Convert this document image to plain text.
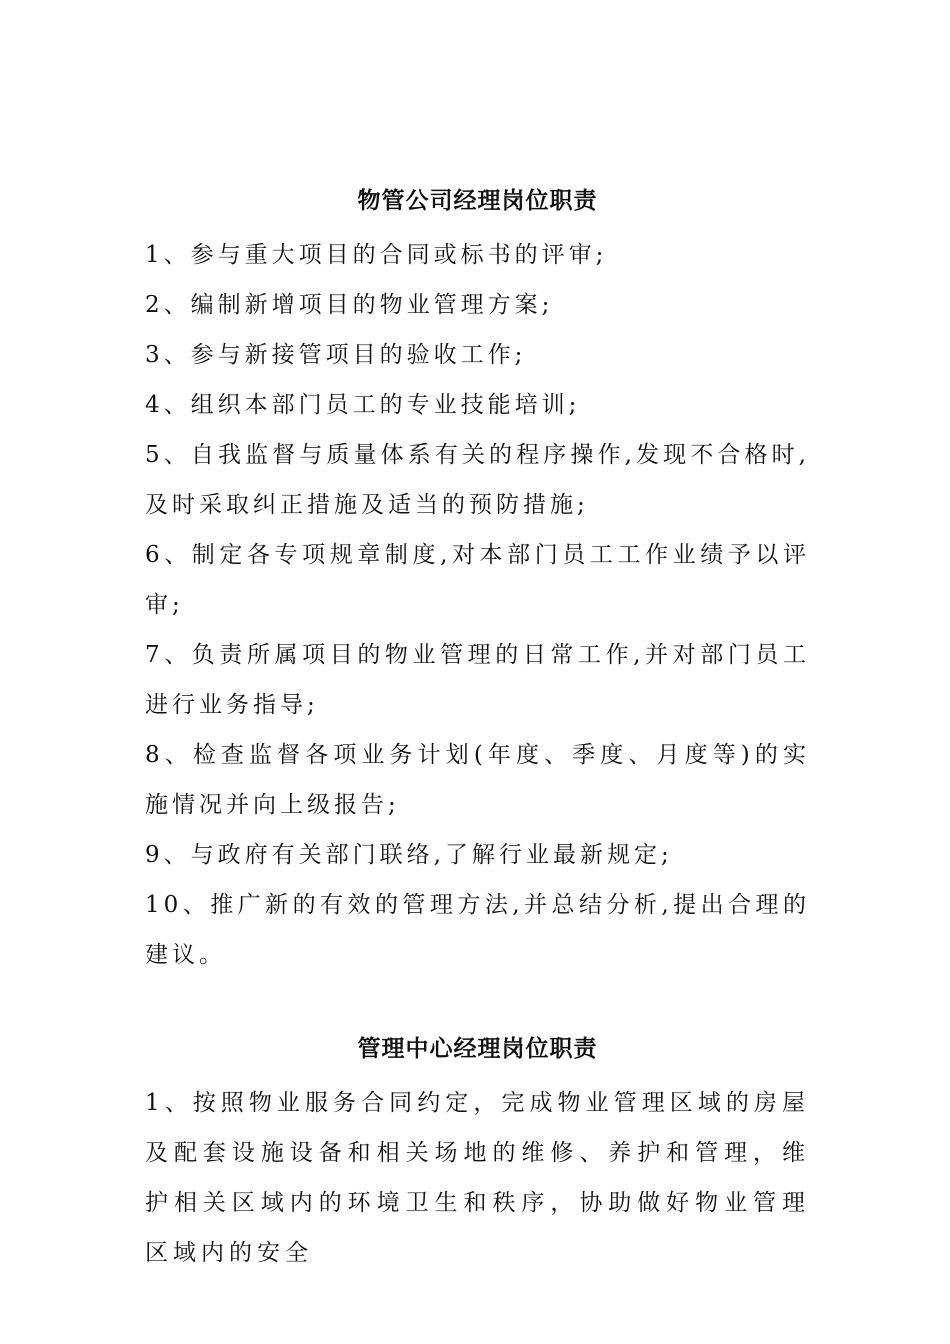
物管公司经理岗位职责

1、参与重大项目的合同或标书的评审;

2、编制新增项目的物业管理方案;

3、参与新接管项目的验收工作;

4、组织本部门员工的专业技能培训;

5、自我监督与质量体系有关的程序操作,发现不合格时,及时采取纠正措施及适当的预防措施;

6、制定各专项规章制度,对本部门员工工作业绩予以评审;

7、负责所属项目的物业管理的日常工作,并对部门员工进行业务指导;

8、检查监督各项业务计划(年度、季度、月度等)的实施情况并向上级报告;

9、与政府有关部门联络,了解行业最新规定;

10、推广新的有效的管理方法,并总结分析,提出合理的建议。

管理中心经理岗位职责

1、按照物业服务合同约定，完成物业管理区域的房屋及配套设施设备和相关场地的维修、养护和管理，维护相关区域内的环境卫生和秩序，协助做好物业管理区域内的安全
